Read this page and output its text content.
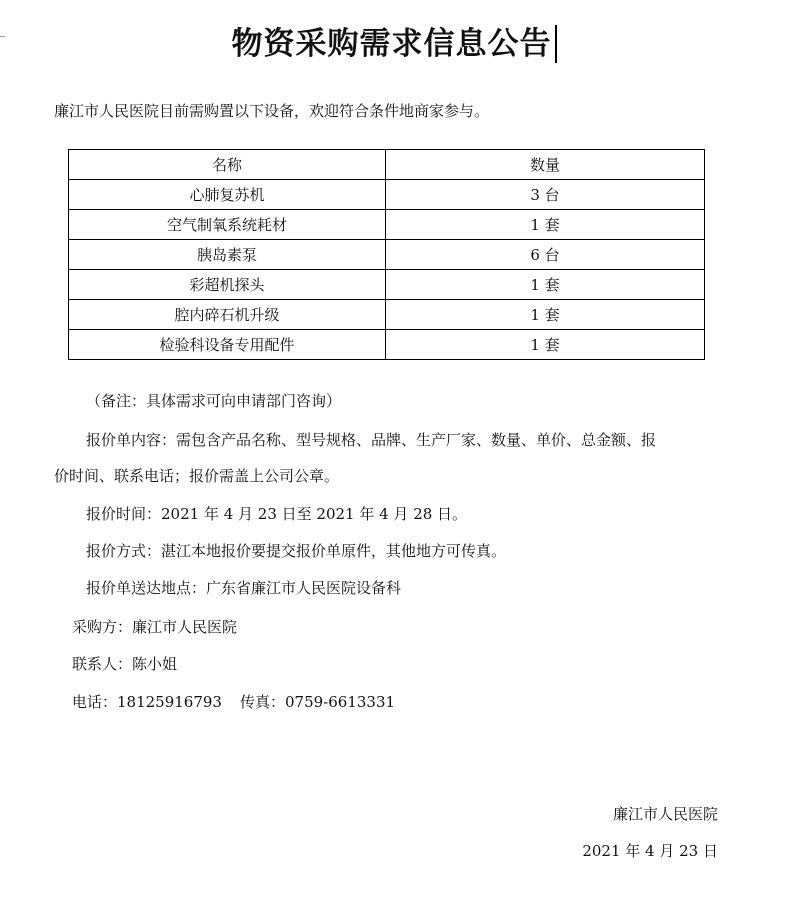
物资采购需求信息公告
廉江市人民医院目前需购置以下设备，欢迎符合条件地商家参与。
名称	数量
心肺复苏机	3 台
空气制氧系统耗材	1 套
胰岛素泵	6 台
彩超机探头	1 套
腔内碎石机升级	1 套
检验科设备专用配件	1 套
（备注：具体需求可向申请部门咨询）
报价单内容：需包含产品名称、型号规格、品牌、生产厂家、数量、单价、总金额、报
价时间、联系电话；报价需盖上公司公章。
报价时间：2021 年 4 月 23 日至 2021 年 4 月 28 日。
报价方式：湛江本地报价要提交报价单原件，其他地方可传真。
报价单送达地点：广东省廉江市人民医院设备科
采购方：廉江市人民医院
联系人：陈小姐
电话：18125916793 传真：0759-6613331
廉江市人民医院
2021 年 4 月 23 日
